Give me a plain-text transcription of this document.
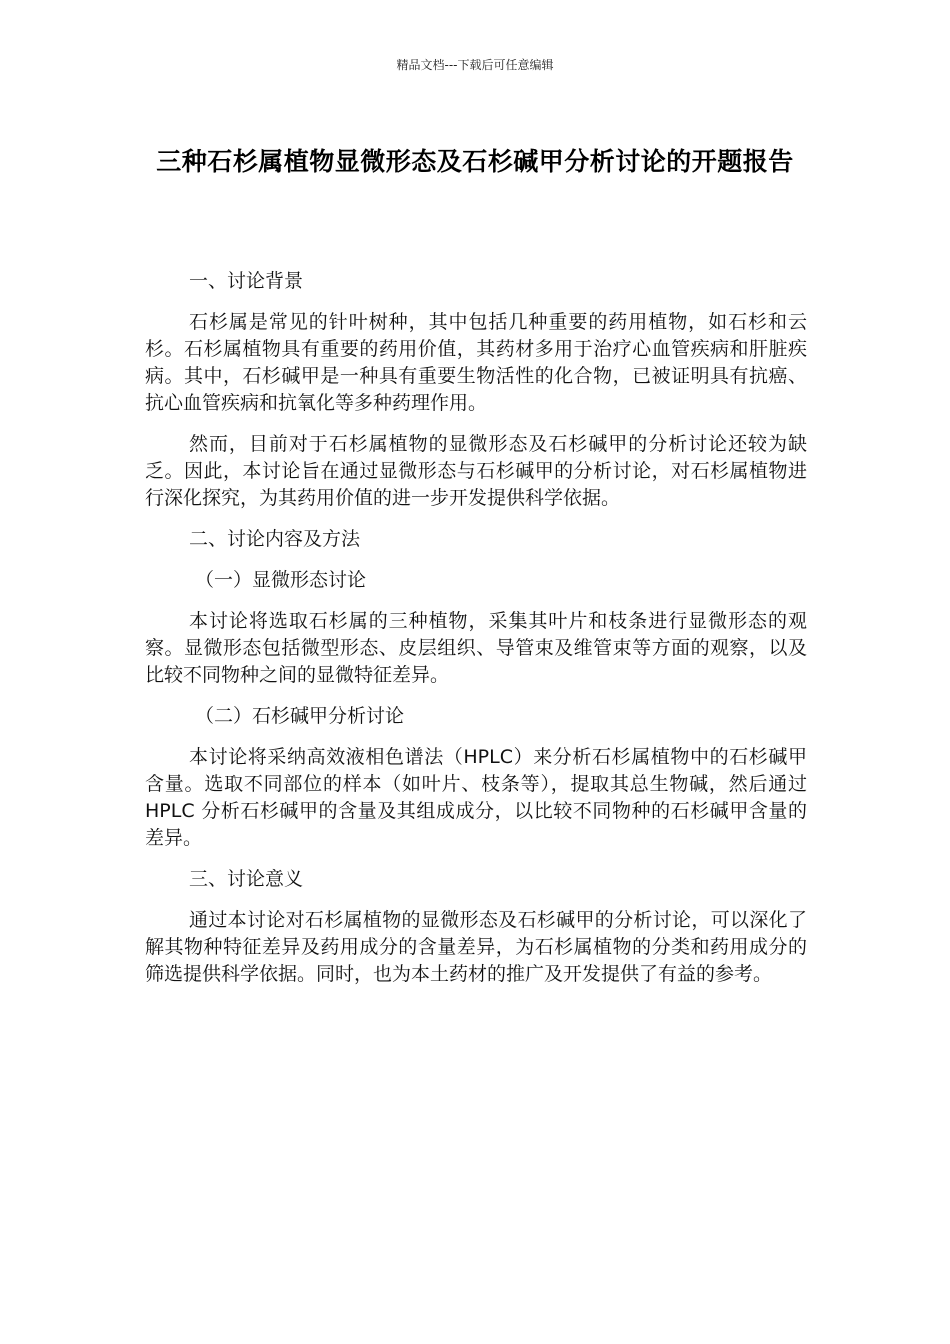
精品文档---下载后可任意编辑
三种石杉属植物显微形态及石杉碱甲分析讨论的开题报告

一、讨论背景

石杉属是常见的针叶树种，其中包括几种重要的药用植物，如石杉和云杉。石杉属植物具有重要的药用价值，其药材多用于治疗心血管疾病和肝脏疾病。其中，石杉碱甲是一种具有重要生物活性的化合物，已被证明具有抗癌、抗心血管疾病和抗氧化等多种药理作用。

然而，目前对于石杉属植物的显微形态及石杉碱甲的分析讨论还较为缺乏。因此，本讨论旨在通过显微形态与石杉碱甲的分析讨论，对石杉属植物进行深化探究，为其药用价值的进一步开发提供科学依据。

二、讨论内容及方法

（一）显微形态讨论

本讨论将选取石杉属的三种植物，采集其叶片和枝条进行显微形态的观察。显微形态包括微型形态、皮层组织、导管束及维管束等方面的观察，以及比较不同物种之间的显微特征差异。

（二）石杉碱甲分析讨论

本讨论将采纳高效液相色谱法（HPLC）来分析石杉属植物中的石杉碱甲含量。选取不同部位的样本（如叶片、枝条等），提取其总生物碱，然后通过 HPLC 分析石杉碱甲的含量及其组成成分，以比较不同物种的石杉碱甲含量的差异。

三、讨论意义

通过本讨论对石杉属植物的显微形态及石杉碱甲的分析讨论，可以深化了解其物种特征差异及药用成分的含量差异，为石杉属植物的分类和药用成分的筛选提供科学依据。同时，也为本土药材的推广及开发提供了有益的参考。
